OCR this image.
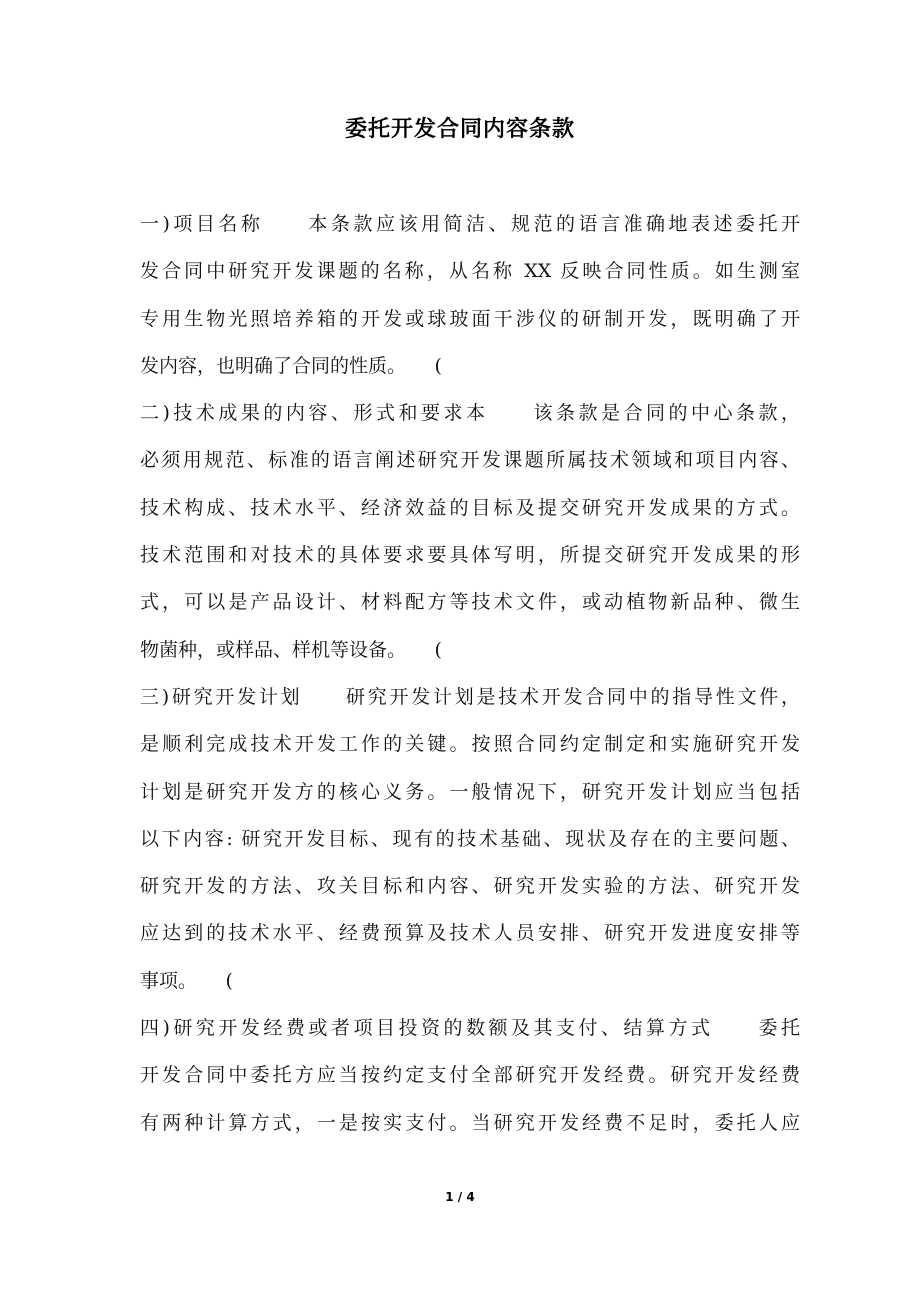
委托开发合同内容条款
一)项目名称　　本条款应该用简洁、规范的语言准确地表述委托开
发合同中研究开发课题的名称，从名称 XX 反映合同性质。如生测室
专用生物光照培养箱的开发或球玻面干涉仪的研制开发，既明确了开
发内容，也明确了合同的性质。　　(
二)技术成果的内容、形式和要求本　　该条款是合同的中心条款，
必须用规范、标准的语言阐述研究开发课题所属技术领域和项目内容、
技术构成、技术水平、经济效益的目标及提交研究开发成果的方式。
技术范围和对技术的具体要求要具体写明，所提交研究开发成果的形
式，可以是产品设计、材料配方等技术文件，或动植物新品种、微生
物菌种，或样品、样机等设备。　　(
三)研究开发计划　　研究开发计划是技术开发合同中的指导性文件，
是顺利完成技术开发工作的关键。按照合同约定制定和实施研究开发
计划是研究开发方的核心义务。一般情况下，研究开发计划应当包括
以下内容: 研究开发目标、现有的技术基础、现状及存在的主要问题、
研究开发的方法、攻关目标和内容、研究开发实验的方法、研究开发
应达到的技术水平、经费预算及技术人员安排、研究开发进度安排等
事项。　　(
四)研究开发经费或者项目投资的数额及其支付、结算方式　　委托
开发合同中委托方应当按约定支付全部研究开发经费。研究开发经费
有两种计算方式，一是按实支付。当研究开发经费不足时，委托人应
1 / 4
